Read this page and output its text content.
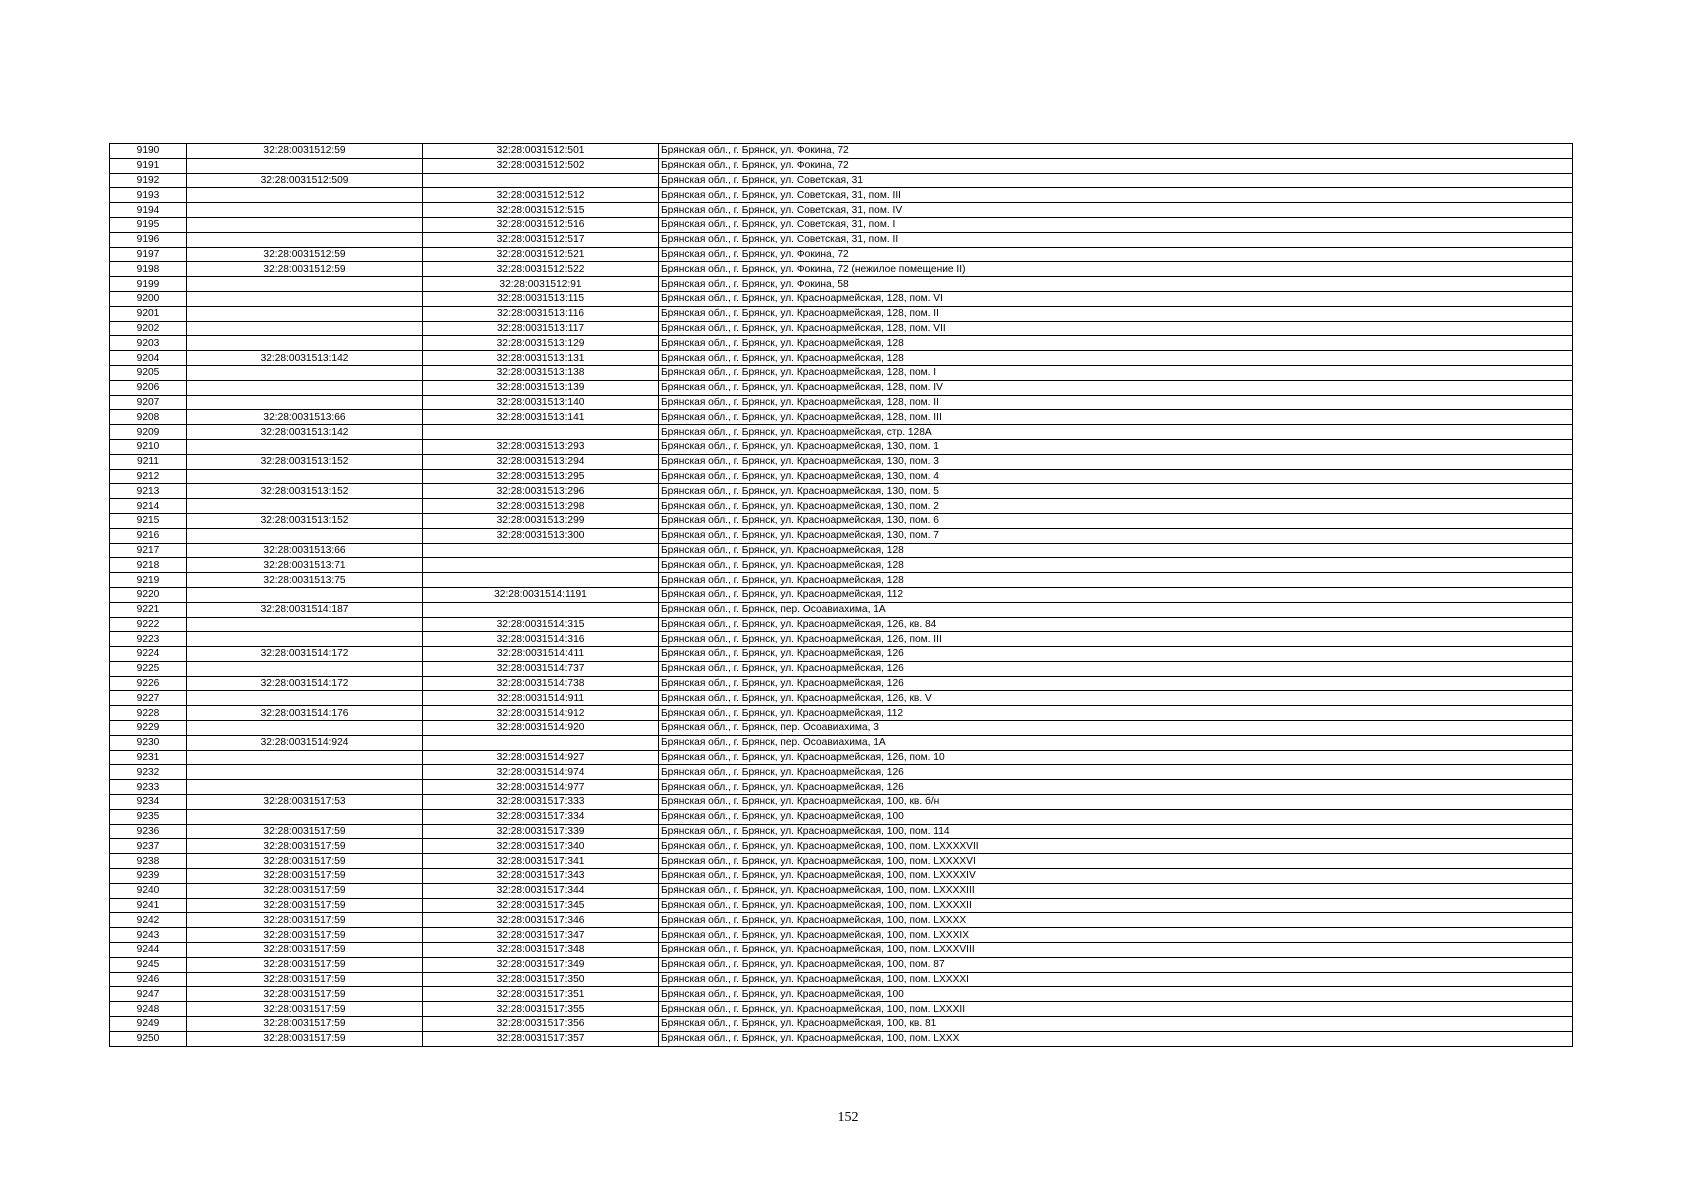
9190	32:28:0031512:59	32:28:0031512:501	Брянская обл., г. Брянск, ул. Фокина, 72
9191		32:28:0031512:502	Брянская обл., г. Брянск, ул. Фокина, 72
9192	32:28:0031512:509		Брянская обл., г. Брянск, ул. Советская, 31
9193		32:28:0031512:512	Брянская обл., г. Брянск, ул. Советская, 31, пом. III
9194		32:28:0031512:515	Брянская обл., г. Брянск, ул. Советская, 31, пом. IV
9195		32:28:0031512:516	Брянская обл., г. Брянск, ул. Советская, 31, пом. I
9196		32:28:0031512:517	Брянская обл., г. Брянск, ул. Советская, 31, пом. II
9197	32:28:0031512:59	32:28:0031512:521	Брянская обл., г. Брянск, ул. Фокина, 72
9198	32:28:0031512:59	32:28:0031512:522	Брянская обл., г. Брянск, ул. Фокина, 72 (нежилое помещение II)
9199		32:28:0031512:91	Брянская обл., г. Брянск, ул. Фокина, 58
9200		32:28:0031513:115	Брянская обл., г. Брянск, ул. Красноармейская, 128, пом. VI
9201		32:28:0031513:116	Брянская обл., г. Брянск, ул. Красноармейская, 128, пом. II
9202		32:28:0031513:117	Брянская обл., г. Брянск, ул. Красноармейская, 128, пом. VII
9203		32:28:0031513:129	Брянская обл., г. Брянск, ул. Красноармейская, 128
9204	32:28:0031513:142	32:28:0031513:131	Брянская обл., г. Брянск, ул. Красноармейская, 128
9205		32:28:0031513:138	Брянская обл., г. Брянск, ул. Красноармейская, 128, пом. I
9206		32:28:0031513:139	Брянская обл., г. Брянск, ул. Красноармейская, 128, пом. IV
9207		32:28:0031513:140	Брянская обл., г. Брянск, ул. Красноармейская, 128, пом. II
9208	32:28:0031513:66	32:28:0031513:141	Брянская обл., г. Брянск, ул. Красноармейская, 128, пом. III
9209	32:28:0031513:142		Брянская обл., г. Брянск, ул. Красноармейская, стр. 128А
9210		32:28:0031513:293	Брянская обл., г. Брянск, ул. Красноармейская, 130, пом. 1
9211	32:28:0031513:152	32:28:0031513:294	Брянская обл., г. Брянск, ул. Красноармейская, 130, пом. 3
9212		32:28:0031513:295	Брянская обл., г. Брянск, ул. Красноармейская, 130, пом. 4
9213	32:28:0031513:152	32:28:0031513:296	Брянская обл., г. Брянск, ул. Красноармейская, 130, пом. 5
9214		32:28:0031513:298	Брянская обл., г. Брянск, ул. Красноармейская, 130, пом. 2
9215	32:28:0031513:152	32:28:0031513:299	Брянская обл., г. Брянск, ул. Красноармейская, 130, пом. 6
9216		32:28:0031513:300	Брянская обл., г. Брянск, ул. Красноармейская, 130, пом. 7
9217	32:28:0031513:66		Брянская обл., г. Брянск, ул. Красноармейская, 128
9218	32:28:0031513:71		Брянская обл., г. Брянск, ул. Красноармейская, 128
9219	32:28:0031513:75		Брянская обл., г. Брянск, ул. Красноармейская, 128
9220		32:28:0031514:1191	Брянская обл., г. Брянск, ул. Красноармейская, 112
9221	32:28:0031514:187		Брянская обл., г. Брянск, пер. Осоавиахима, 1А
9222		32:28:0031514:315	Брянская обл., г. Брянск, ул. Красноармейская, 126, кв. 84
9223		32:28:0031514:316	Брянская обл., г. Брянск, ул. Красноармейская, 126, пом. III
9224	32:28:0031514:172	32:28:0031514:411	Брянская обл., г. Брянск, ул. Красноармейская, 126
9225		32:28:0031514:737	Брянская обл., г. Брянск, ул. Красноармейская, 126
9226	32:28:0031514:172	32:28:0031514:738	Брянская обл., г. Брянск, ул. Красноармейская, 126
9227		32:28:0031514:911	Брянская обл., г. Брянск, ул. Красноармейская, 126, кв. V
9228	32:28:0031514:176	32:28:0031514:912	Брянская обл., г. Брянск, ул. Красноармейская, 112
9229		32:28:0031514:920	Брянская обл., г. Брянск, пер. Осоавиахима, 3
9230	32:28:0031514:924		Брянская обл., г. Брянск, пер. Осоавиахима, 1А
9231		32:28:0031514:927	Брянская обл., г. Брянск, ул. Красноармейская, 126, пом. 10
9232		32:28:0031514:974	Брянская обл., г. Брянск, ул. Красноармейская, 126
9233		32:28:0031514:977	Брянская обл., г. Брянск, ул. Красноармейская, 126
9234	32:28:0031517:53	32:28:0031517:333	Брянская обл., г. Брянск, ул. Красноармейская, 100, кв. б/н
9235		32:28:0031517:334	Брянская обл., г. Брянск, ул. Красноармейская, 100
9236	32:28:0031517:59	32:28:0031517:339	Брянская обл., г. Брянск, ул. Красноармейская, 100, пом. 114
9237	32:28:0031517:59	32:28:0031517:340	Брянская обл., г. Брянск, ул. Красноармейская, 100, пом. LXXXXVII
9238	32:28:0031517:59	32:28:0031517:341	Брянская обл., г. Брянск, ул. Красноармейская, 100, пом. LXXXXVI
9239	32:28:0031517:59	32:28:0031517:343	Брянская обл., г. Брянск, ул. Красноармейская, 100, пом. LXXXXIV
9240	32:28:0031517:59	32:28:0031517:344	Брянская обл., г. Брянск, ул. Красноармейская, 100, пом. LXXXXIII
9241	32:28:0031517:59	32:28:0031517:345	Брянская обл., г. Брянск, ул. Красноармейская, 100, пом. LXXXXII
9242	32:28:0031517:59	32:28:0031517:346	Брянская обл., г. Брянск, ул. Красноармейская, 100, пом. LXXXX
9243	32:28:0031517:59	32:28:0031517:347	Брянская обл., г. Брянск, ул. Красноармейская, 100, пом. LXXXIX
9244	32:28:0031517:59	32:28:0031517:348	Брянская обл., г. Брянск, ул. Красноармейская, 100, пом. LXXXVIII
9245	32:28:0031517:59	32:28:0031517:349	Брянская обл., г. Брянск, ул. Красноармейская, 100, пом. 87
9246	32:28:0031517:59	32:28:0031517:350	Брянская обл., г. Брянск, ул. Красноармейская, 100, пом. LXXXXI
9247	32:28:0031517:59	32:28:0031517:351	Брянская обл., г. Брянск, ул. Красноармейская, 100
9248	32:28:0031517:59	32:28:0031517:355	Брянская обл., г. Брянск, ул. Красноармейская, 100, пом. LXXXII
9249	32:28:0031517:59	32:28:0031517:356	Брянская обл., г. Брянск, ул. Красноармейская, 100, кв. 81
9250	32:28:0031517:59	32:28:0031517:357	Брянская обл., г. Брянск, ул. Красноармейская, 100, пом. LXXX
152
